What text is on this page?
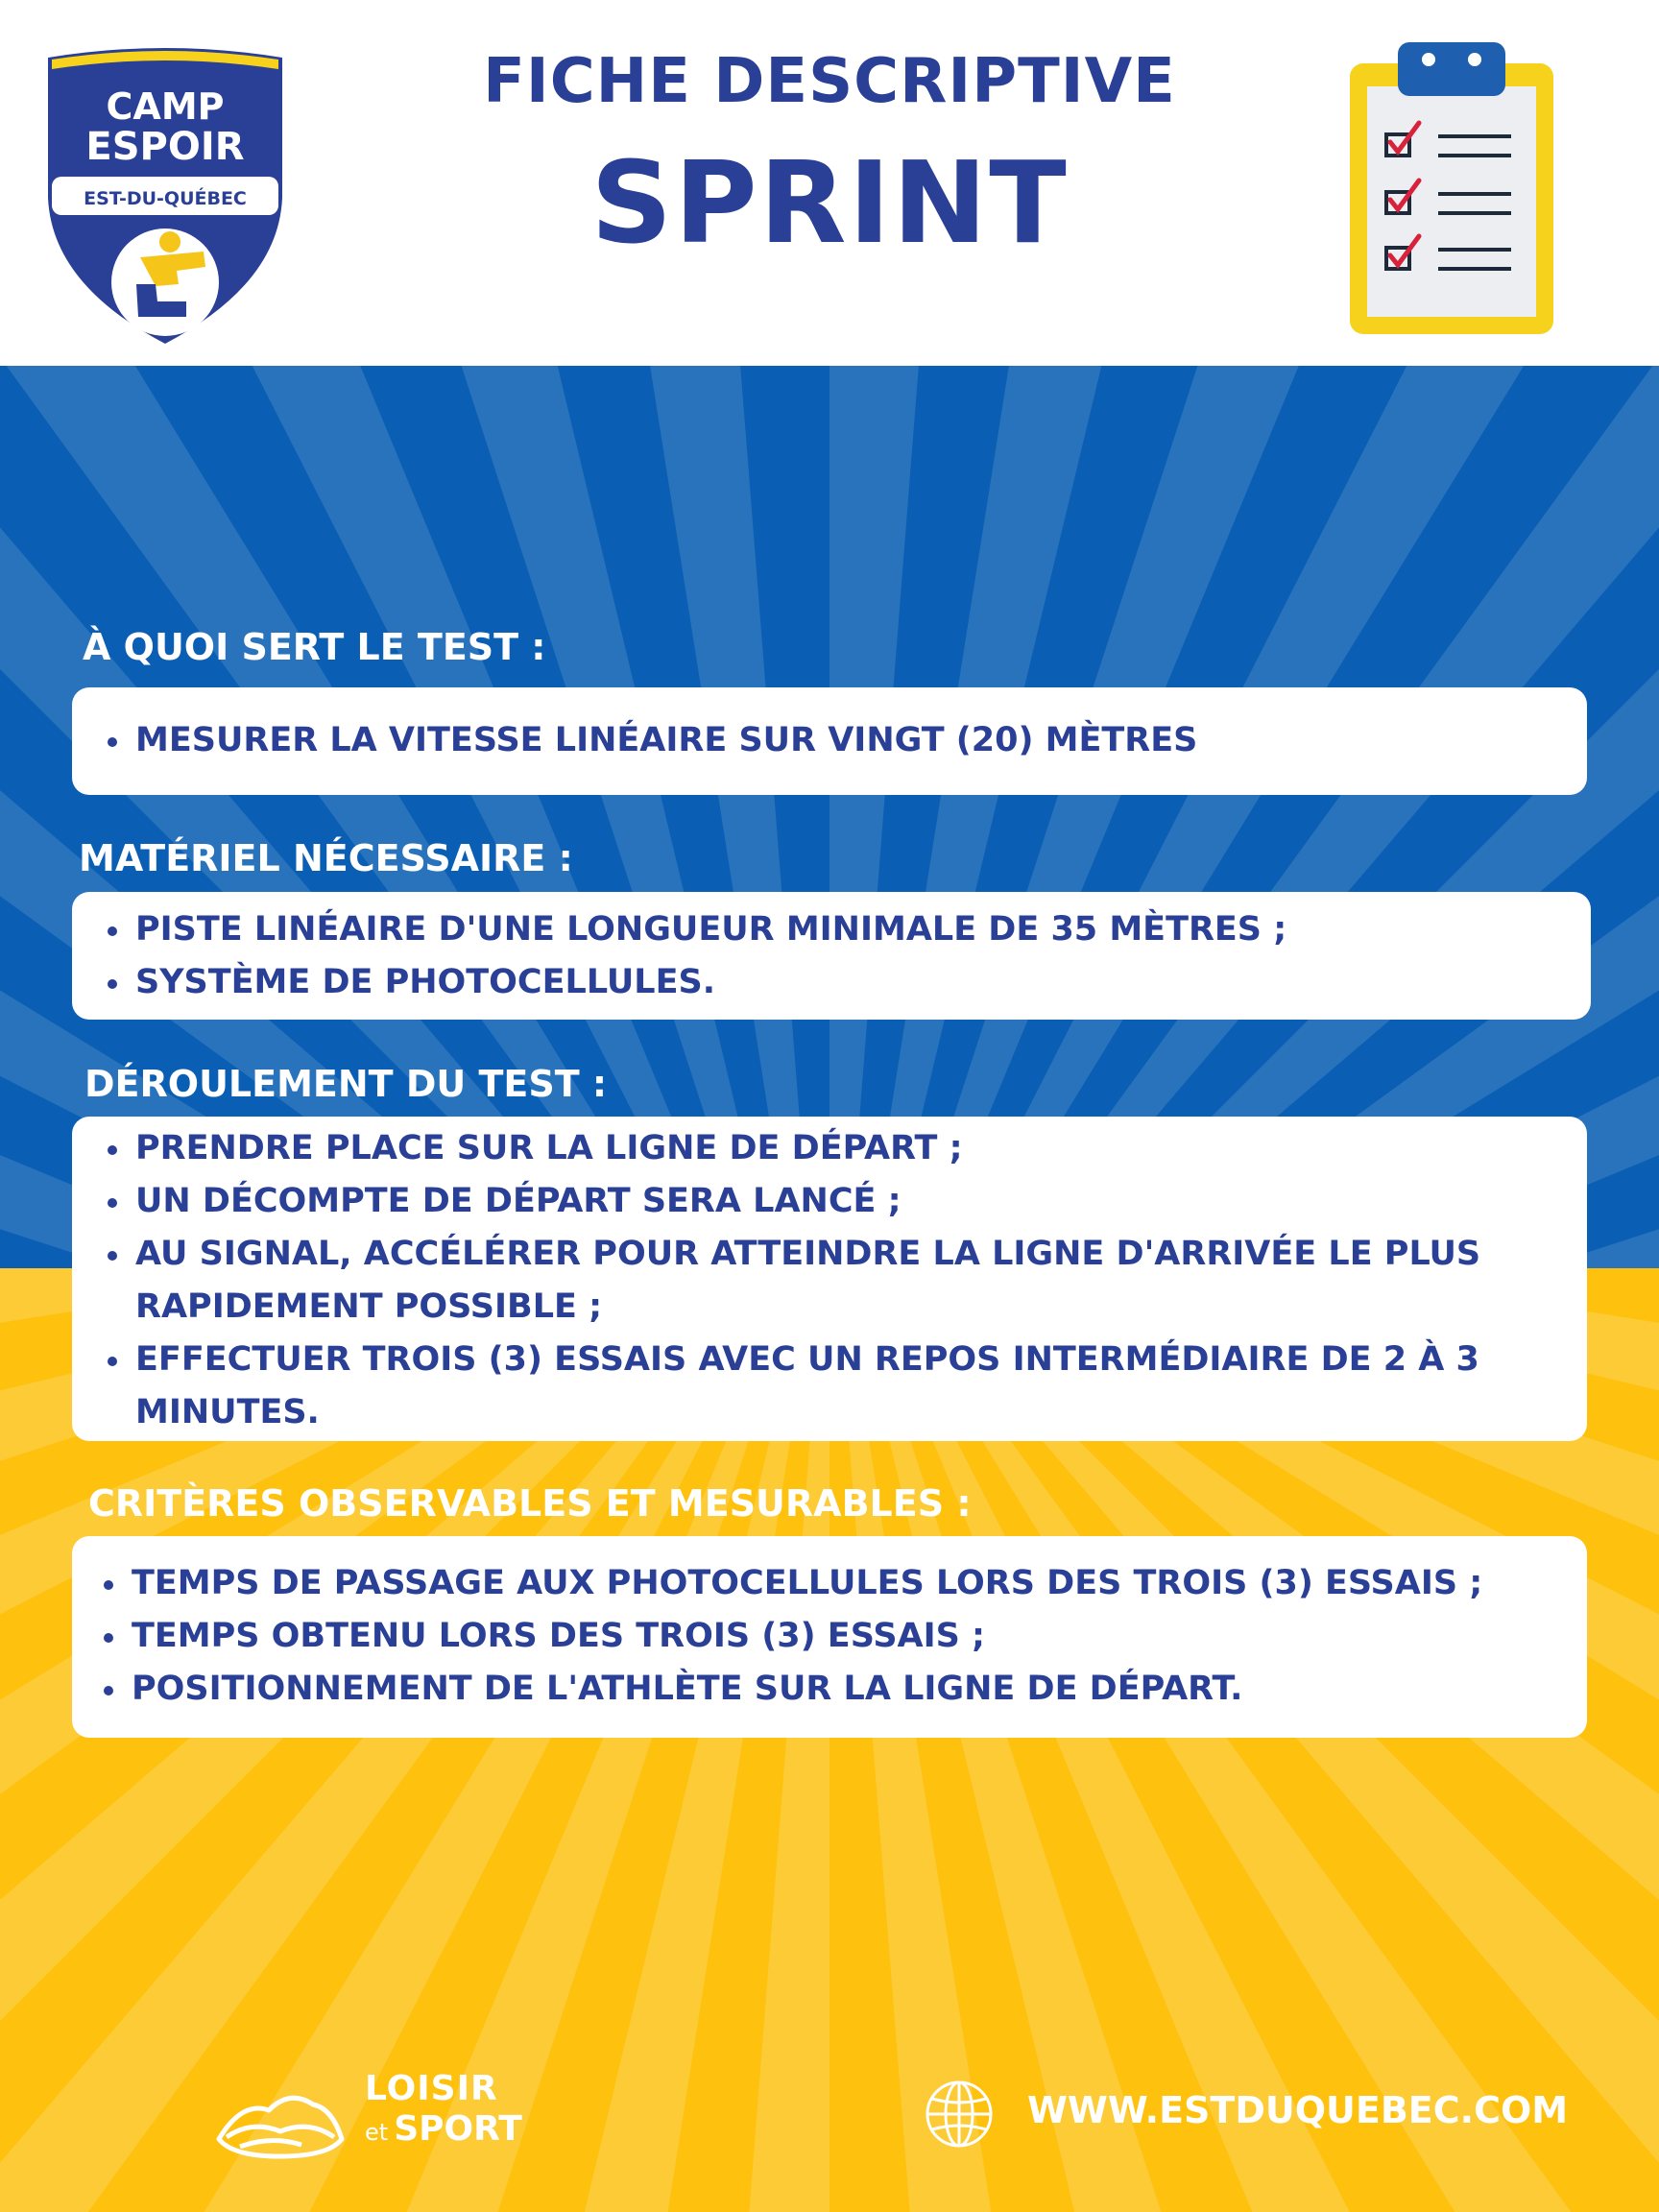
CAMP
ESPOIR
EST-DU-QUÉBEC
FICHE DESCRIPTIVE
SPRINT
À QUOI SERT LE TEST :
MESURER LA VITESSE LINÉAIRE SUR VINGT (20) MÈTRES
MATÉRIEL NÉCESSAIRE :
PISTE LINÉAIRE D'UNE LONGUEUR MINIMALE DE 35 MÈTRES ;
SYSTÈME DE PHOTOCELLULES.
DÉROULEMENT DU TEST :
PRENDRE PLACE SUR LA LIGNE DE DÉPART ;
UN DÉCOMPTE DE DÉPART SERA LANCÉ ;
AU SIGNAL, ACCÉLÉRER POUR ATTEINDRE LA LIGNE D'ARRIVÉE LE PLUS RAPIDEMENT POSSIBLE ;
EFFECTUER TROIS (3) ESSAIS AVEC UN REPOS INTERMÉDIAIRE DE 2 À 3 MINUTES.
CRITÈRES OBSERVABLES ET MESURABLES :
TEMPS DE PASSAGE AUX PHOTOCELLULES LORS DES TROIS (3) ESSAIS ;
TEMPS OBTENU LORS DES TROIS (3) ESSAIS ;
POSITIONNEMENT DE L'ATHLÈTE SUR LA LIGNE DE DÉPART.
LOISIR
et SPORT	WWW.ESTDUQUEBEC.COM
